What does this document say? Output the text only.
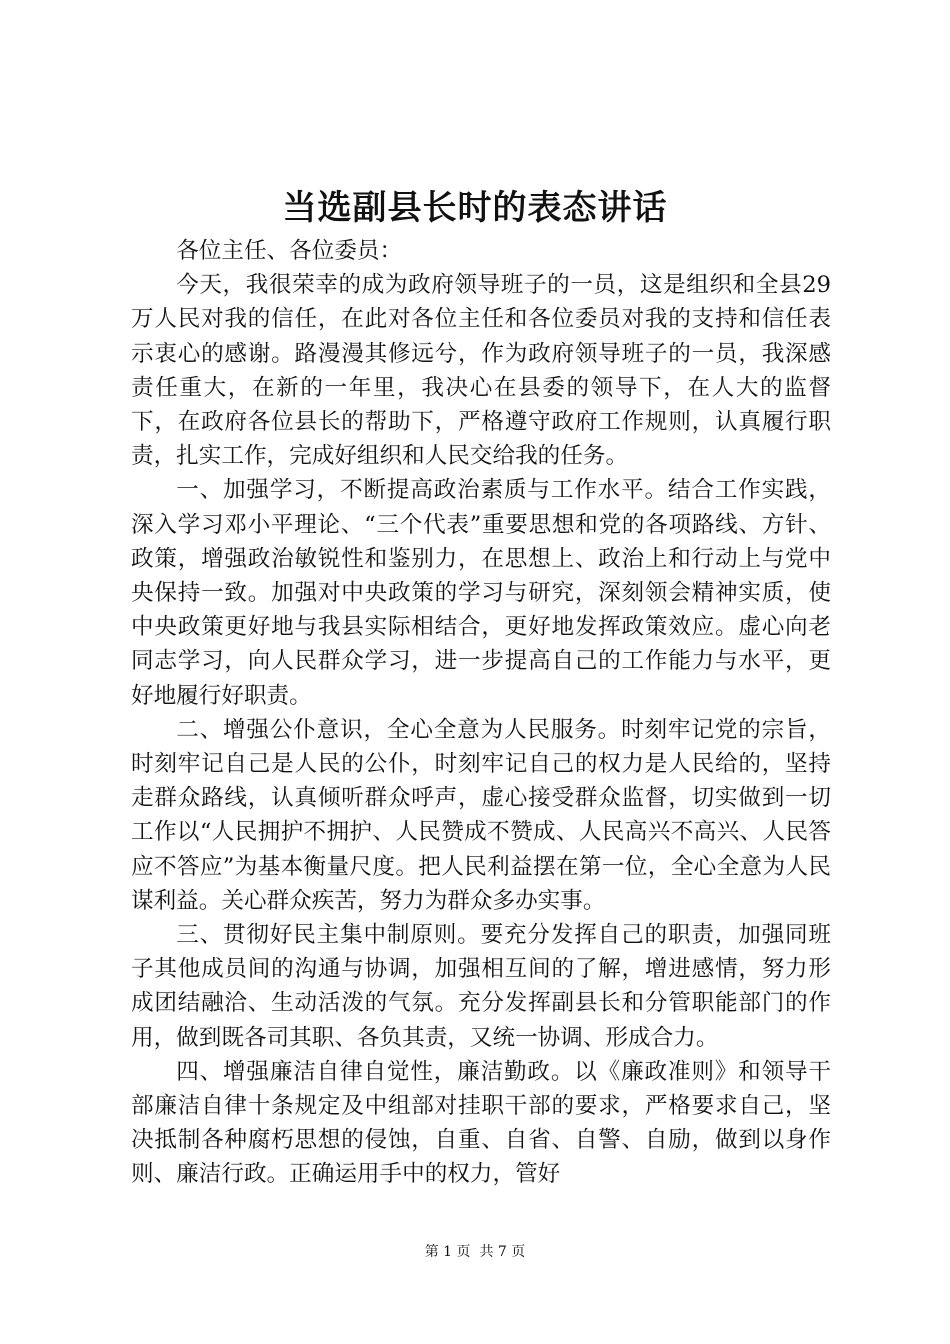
当选副县长时的表态讲话

各位主任、各位委员：

今天，我很荣幸的成为政府领导班子的一员，这是组织和全县29万人民对我的信任，在此对各位主任和各位委员对我的支持和信任表示衷心的感谢。路漫漫其修远兮，作为政府领导班子的一员，我深感责任重大，在新的一年里，我决心在县委的领导下，在人大的监督下，在政府各位县长的帮助下，严格遵守政府工作规则，认真履行职责，扎实工作，完成好组织和人民交给我的任务。

一、加强学习，不断提高政治素质与工作水平。结合工作实践，深入学习邓小平理论、“三个代表”重要思想和党的各项路线、方针、政策，增强政治敏锐性和鉴别力，在思想上、政治上和行动上与党中央保持一致。加强对中央政策的学习与研究，深刻领会精神实质，使中央政策更好地与我县实际相结合，更好地发挥政策效应。虚心向老同志学习，向人民群众学习，进一步提高自己的工作能力与水平，更好地履行好职责。

二、增强公仆意识，全心全意为人民服务。时刻牢记党的宗旨，时刻牢记自己是人民的公仆，时刻牢记自己的权力是人民给的，坚持走群众路线，认真倾听群众呼声，虚心接受群众监督，切实做到一切工作以“人民拥护不拥护、人民赞成不赞成、人民高兴不高兴、人民答应不答应”为基本衡量尺度。把人民利益摆在第一位，全心全意为人民谋利益。关心群众疾苦，努力为群众多办实事。

三、贯彻好民主集中制原则。要充分发挥自己的职责，加强同班子其他成员间的沟通与协调，加强相互间的了解，增进感情，努力形成团结融洽、生动活泼的气氛。充分发挥副县长和分管职能部门的作用，做到既各司其职、各负其责，又统一协调、形成合力。

四、增强廉洁自律自觉性，廉洁勤政。以《廉政准则》和领导干部廉洁自律十条规定及中组部对挂职干部的要求，严格要求自己，坚决抵制各种腐朽思想的侵蚀，自重、自省、自警、自励，做到以身作则、廉洁行政。正确运用手中的权力，管好

第 1 页  共 7 页
